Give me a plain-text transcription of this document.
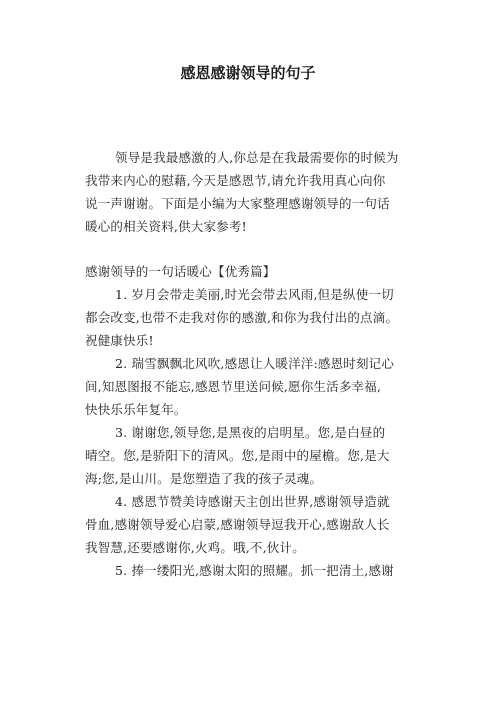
感恩感谢领导的句子
领导是我最感激的人,你总是在我最需要你的时候为
我带来内心的慰藉,今天是感恩节,请允许我用真心向你
说一声谢谢。下面是小编为大家整理感谢领导的一句话
暖心的相关资料,供大家参考!
感谢领导的一句话暖心【优秀篇】
1. 岁月会带走美丽,时光会带去风雨,但是纵使一切
都会改变,也带不走我对你的感激,和你为我付出的点滴。
祝健康快乐!
2. 瑞雪飘飘北风吹,感恩让人暖洋洋:感恩时刻记心
间,知恩图报不能忘,感恩节里送问候,愿你生活多幸福,
快快乐乐年复年。
3. 谢谢您,领导您,是黑夜的启明星。您,是白昼的
晴空。您,是骄阳下的清风。您,是雨中的屋檐。您,是大
海;您,是山川。是您塑造了我的孩子灵魂。
4. 感恩节赞美诗感谢天主创出世界,感谢领导造就
骨血,感谢领导爱心启蒙,感谢领导逗我开心,感谢敌人长
我智慧,还要感谢你,火鸡。哦,不,伙计。
5. 捧一缕阳光,感谢太阳的照耀。抓一把清土,感谢
